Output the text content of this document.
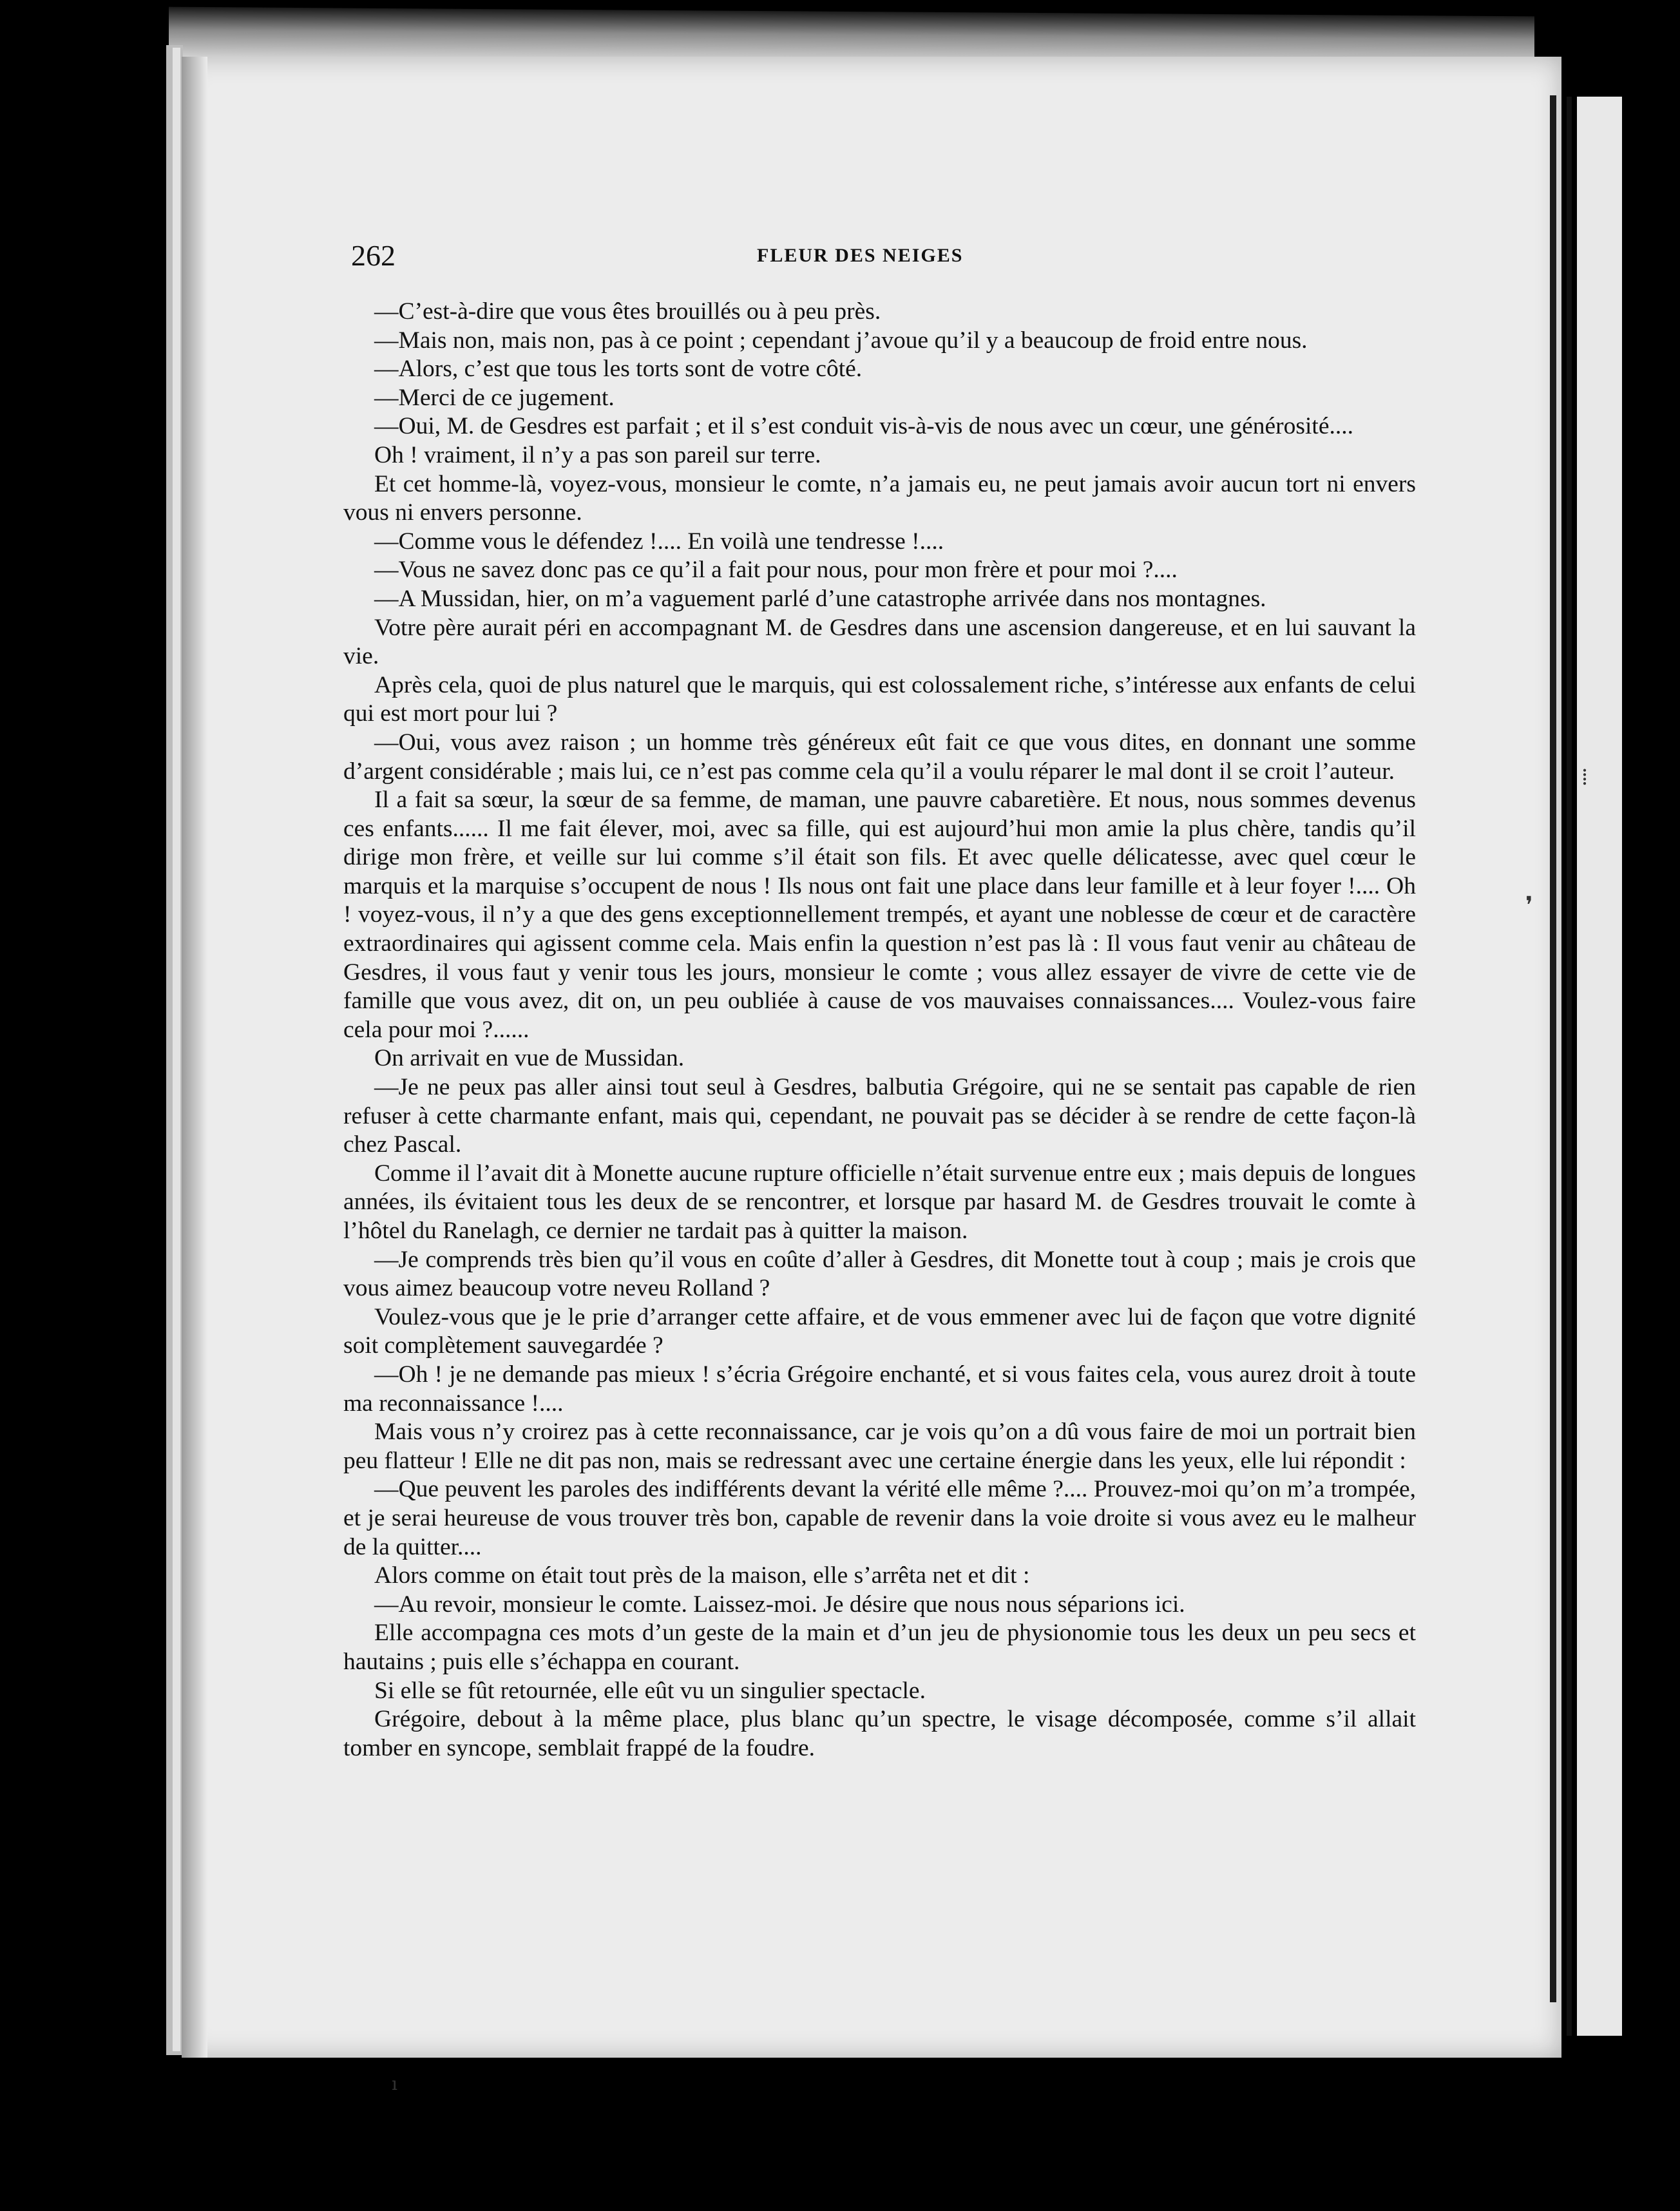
⁞
❜
ı
262	FLEUR DES NEIGES

—C’est-à-dire que vous êtes brouillés ou à peu près.

—Mais non, mais non, pas à ce point ; cependant j’avoue qu’il y a beaucoup de froid entre nous.

—Alors, c’est que tous les torts sont de votre côté.

—Merci de ce jugement.

—Oui, M. de Gesdres est parfait ; et il s’est conduit vis-à-vis de nous avec un cœur, une générosité....

Oh ! vraiment, il n’y a pas son pareil sur terre.

Et cet homme-là, voyez-vous, monsieur le comte, n’a jamais eu, ne peut jamais avoir aucun tort ni envers vous ni envers personne.

—Comme vous le défendez !.... En voilà une tendresse !....

—Vous ne savez donc pas ce qu’il a fait pour nous, pour mon frère et pour moi ?....

—A Mussidan, hier, on m’a vaguement parlé d’une catastrophe arrivée dans nos montagnes.

Votre père aurait péri en accompagnant M. de Gesdres dans une ascension dangereuse, et en lui sauvant la vie.

Après cela, quoi de plus naturel que le marquis, qui est colossalement riche, s’intéresse aux enfants de celui qui est mort pour lui ?

—Oui, vous avez raison ; un homme très généreux eût fait ce que vous dites, en donnant une somme d’argent considérable ; mais lui, ce n’est pas comme cela qu’il a voulu réparer le mal dont il se croit l’auteur.

Il a fait sa sœur, la sœur de sa femme, de maman, une pauvre cabaretière. Et nous, nous sommes devenus ces enfants...... Il me fait élever, moi, avec sa fille, qui est aujourd’hui mon amie la plus chère, tandis qu’il dirige mon frère, et veille sur lui comme s’il était son fils. Et avec quelle délicatesse, avec quel cœur le marquis et la marquise s’occupent de nous ! Ils nous ont fait une place dans leur famille et à leur foyer !.... Oh ! voyez-vous, il n’y a que des gens exceptionnellement trempés, et ayant une noblesse de cœur et de caractère extraordinaires qui agissent comme cela. Mais enfin la question n’est pas là : Il vous faut venir au château de Gesdres, il vous faut y venir tous les jours, monsieur le comte ; vous allez essayer de vivre de cette vie de famille que vous avez, dit on, un peu oubliée à cause de vos mauvaises connaissances.... Voulez-vous faire cela pour moi ?......

On arrivait en vue de Mussidan.

—Je ne peux pas aller ainsi tout seul à Gesdres, balbutia Grégoire, qui ne se sentait pas capable de rien refuser à cette charmante enfant, mais qui, cependant, ne pouvait pas se décider à se rendre de cette façon-là chez Pascal.

Comme il l’avait dit à Monette aucune rupture officielle n’était survenue entre eux ; mais depuis de longues années, ils évitaient tous les deux de se rencontrer, et lorsque par hasard M. de Gesdres trouvait le comte à l’hôtel du Ranelagh, ce dernier ne tardait pas à quitter la maison.

—Je comprends très bien qu’il vous en coûte d’aller à Gesdres, dit Monette tout à coup ; mais je crois que vous aimez beaucoup votre neveu Rolland ?

Voulez-vous que je le prie d’arranger cette affaire, et de vous emmener avec lui de façon que votre dignité soit complètement sauvegardée ?

—Oh ! je ne demande pas mieux ! s’écria Grégoire enchanté, et si vous faites cela, vous aurez droit à toute ma reconnaissance !....

Mais vous n’y croirez pas à cette reconnaissance, car je vois qu’on a dû vous faire de moi un portrait bien peu flatteur ! Elle ne dit pas non, mais se redressant avec une certaine énergie dans les yeux, elle lui répondit :

—Que peuvent les paroles des indifférents devant la vérité elle même ?.... Prouvez-moi qu’on m’a trompée, et je serai heureuse de vous trouver très bon, capable de revenir dans la voie droite si vous avez eu le malheur de la quitter....

Alors comme on était tout près de la maison, elle s’arrêta net et dit :

—Au revoir, monsieur le comte. Laissez-moi. Je désire que nous nous séparions ici.

Elle accompagna ces mots d’un geste de la main et d’un jeu de physionomie tous les deux un peu secs et hautains ; puis elle s’échappa en courant.

Si elle se fût retournée, elle eût vu un singulier spectacle.

Grégoire, debout à la même place, plus blanc qu’un spectre, le visage décomposée, comme s’il allait tomber en syncope, semblait frappé de la foudre.
